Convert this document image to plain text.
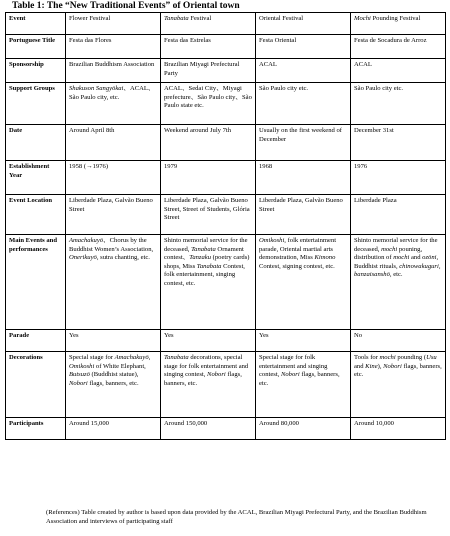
Table 1: The “New Traditional Events” of Oriental town
Event	Flower Festival	Tanabata Festival	Oriental Festival	Mochi Pounding Festival
Portuguese Title	Festa das Flores	Festa das Estrelas	Festa Oriental	Festa de Socadura de Arroz
Sponsorship	Brazilian Buddhism Association	Brazilian Miyagi Prefectural Party	ACAL	ACAL
Support Groups	Shakuson Sangyōkai、ACAL、São Paulo city, etc.	ACAL、Sedai City、Miyagi prefecture、São Paulo city、São Paulo state etc.	São Paulo city etc.	São Paulo city etc.
Date	Around April 8th	Weekend around July 7th	Usually on the first weekend of December	December 31st
Establishment Year	1958 (→1976)	1979	1968	1976
Event Location	Liberdade Plaza, Galvão Bueno Street	Liberdade Plaza, Galvão Bueno Street, Street of Students, Glória Street	Liberdade Plaza, Galvão Bueno Street	Liberdade Plaza
Main Events and performances	Amachakuyō、Chorus by the Buddhist Women’s Association, Onerikuyō, sutra chanting, etc.	Shinto memorial service for the deceased, Tanabata Ornament contest、Tanzaku (poetry cards) shops, Miss Tanabata Contest, folk entertainment, singing contest, etc.	Omikoshi, folk entertainment parade, Oriental martial arts demonstration, Miss Kimono Contest, signing contest, etc.	Shinto memorial service for the deceased, mochi pouning, distribution of mochi and ozōni, Buddhist rituals, chinowakuguri, banzaisanshō, etc.
Parade	Yes	Yes	Yes	No
Decorations	Special stage for Amachakuyō, Omikoshi of White Elephant, Butsuzō (Buddhist statue), Nobori flags, banners, etc.	Tanabata decorations, special stage for folk entertainment and singing contest, Nobori flags, banners, etc.	Special stage for folk entertainment and singing contest, Nobori flags, banners, etc.	Tools for mochi pounding (Usu and Kine), Nobori flags, banners, etc.
Participants	Around 15,000	Around 150,000	Around 80,000	Around 10,000
(References) Table created by author is based upon data provided by the ACAL, Brazilian Miyagi Prefectural Party, and the Brazilian Buddhism Association and interviews of participating staff
